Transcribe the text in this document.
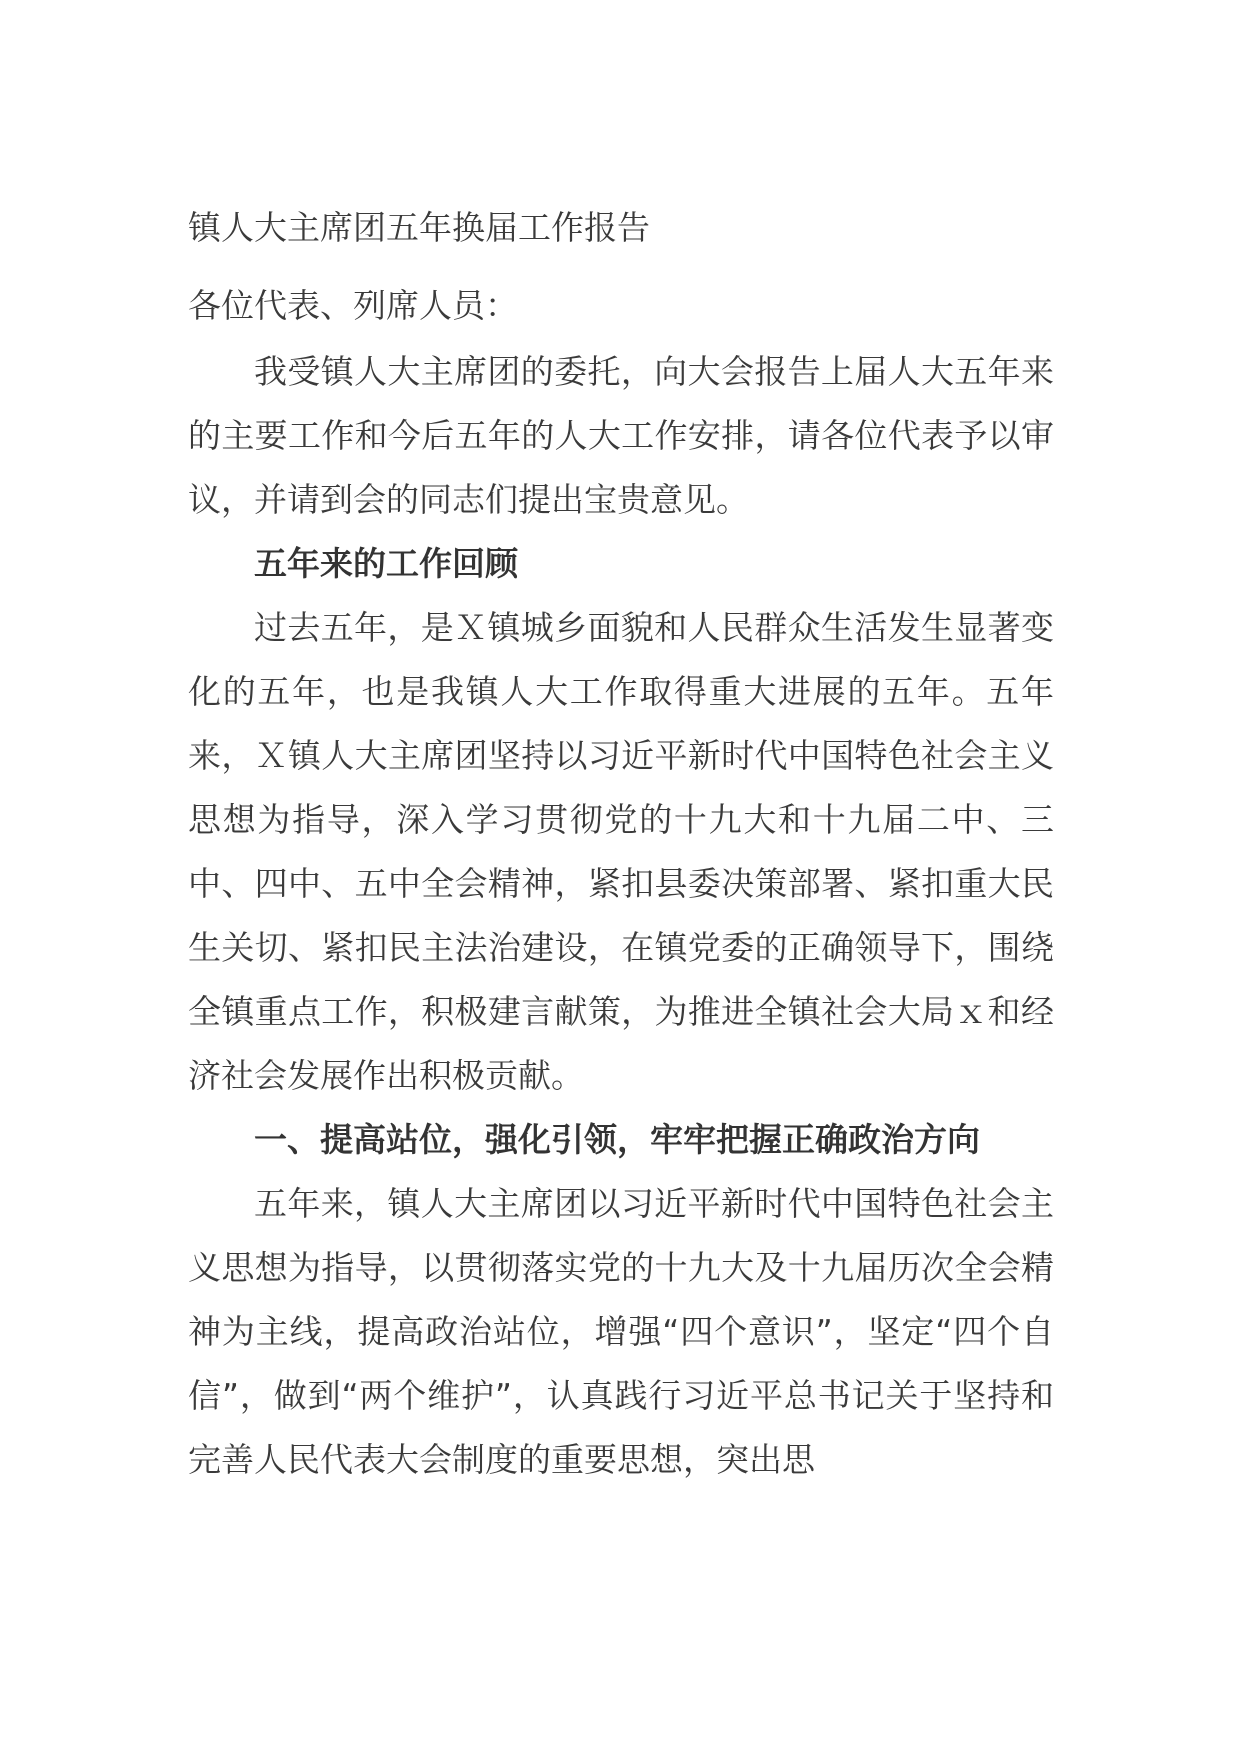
镇人大主席团五年换届工作报告

各位代表、列席人员：

我受镇人大主席团的委托，向大会报告上届人大五年来的主要工作和今后五年的人大工作安排，请各位代表予以审议，并请到会的同志们提出宝贵意见。

五年来的工作回顾

过去五年，是Ｘ镇城乡面貌和人民群众生活发生显著变化的五年，也是我镇人大工作取得重大进展的五年。五年来，Ｘ镇人大主席团坚持以习近平新时代中国特色社会主义思想为指导，深入学习贯彻党的十九大和十九届二中、三中、四中、五中全会精神，紧扣县委决策部署、紧扣重大民生关切、紧扣民主法治建设，在镇党委的正确领导下，围绕全镇重点工作，积极建言献策，为推进全镇社会大局ｘ和经济社会发展作出积极贡献。

一、提高站位，强化引领，牢牢把握正确政治方向

五年来，镇人大主席团以习近平新时代中国特色社会主义思想为指导，以贯彻落实党的十九大及十九届历次全会精神为主线，提高政治站位，增强“四个意识”，坚定“四个自信”，做到“两个维护”，认真践行习近平总书记关于坚持和完善人民代表大会制度的重要思想，突出思
